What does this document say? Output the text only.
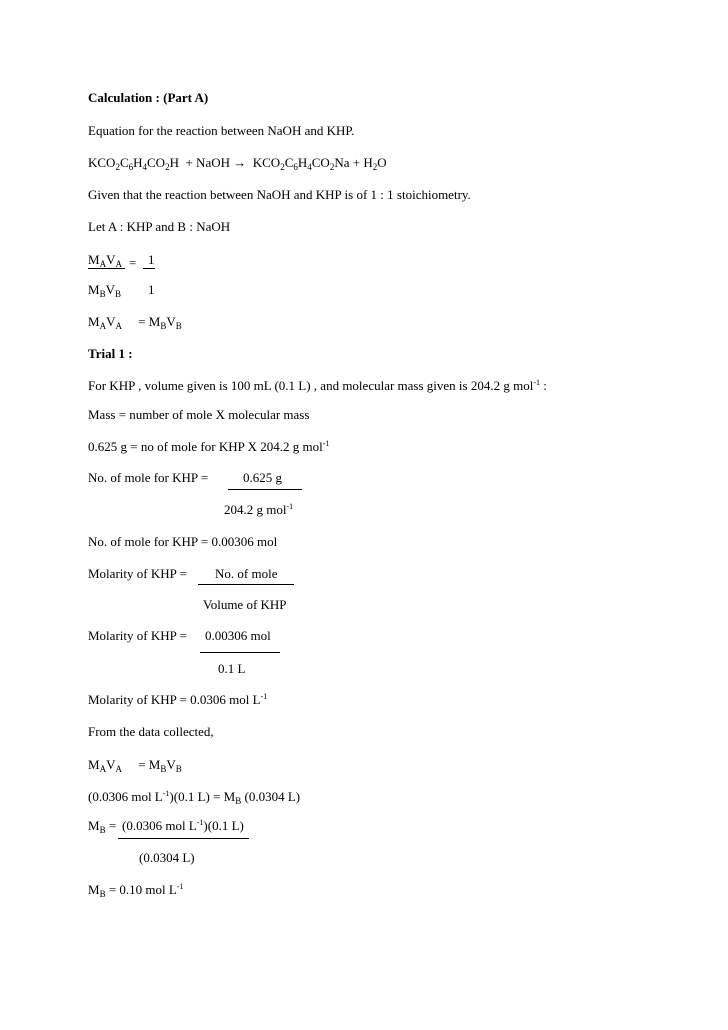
Calculation : (Part A)
Equation for the reaction between NaOH and KHP.
$KCO_2C_6H_4CO_2H$ + NaOH → $KCO_2C_6H_4CO_2Na + H_2O$
Given that the reaction between NaOH and KHP is of 1 : 1 stoichiometry.
Let A : KHP and B : NaOH
$M_AV_A = 1$
$M_BV_B$ 1
$M_AV_A = M_BV_B$
Trial 1 :
For KHP , volume given is 100 mL (0.1 L) , and molecular mass given is 204.2 g mol$^{-1}$ :
Mass = number of mole X molecular mass
0.625 g = no of mole for KHP X 204.2 g mol$^{-1}$
No. of mole for KHP =	0.625 g
204.2 g mol$^{-1}$
No. of mole for KHP = 0.00306 mol
Molarity of KHP = No. of mole
Volume of KHP
Molarity of KHP = 0.00306 mol
0.1 L
Molarity of KHP = 0.0306 mol $L^{-1}$
From the data collected,
$M_AV_A = M_BV_B$
(0.0306 mol $L^{-1})(0.1$ $L) = M_B$ (0.0304 L)
$M_B = (0.0306$ mol $L^{-1})(0.1$ L)
(0.0304 L)
$M_B = 0.10$ mol $L^{-1}$
